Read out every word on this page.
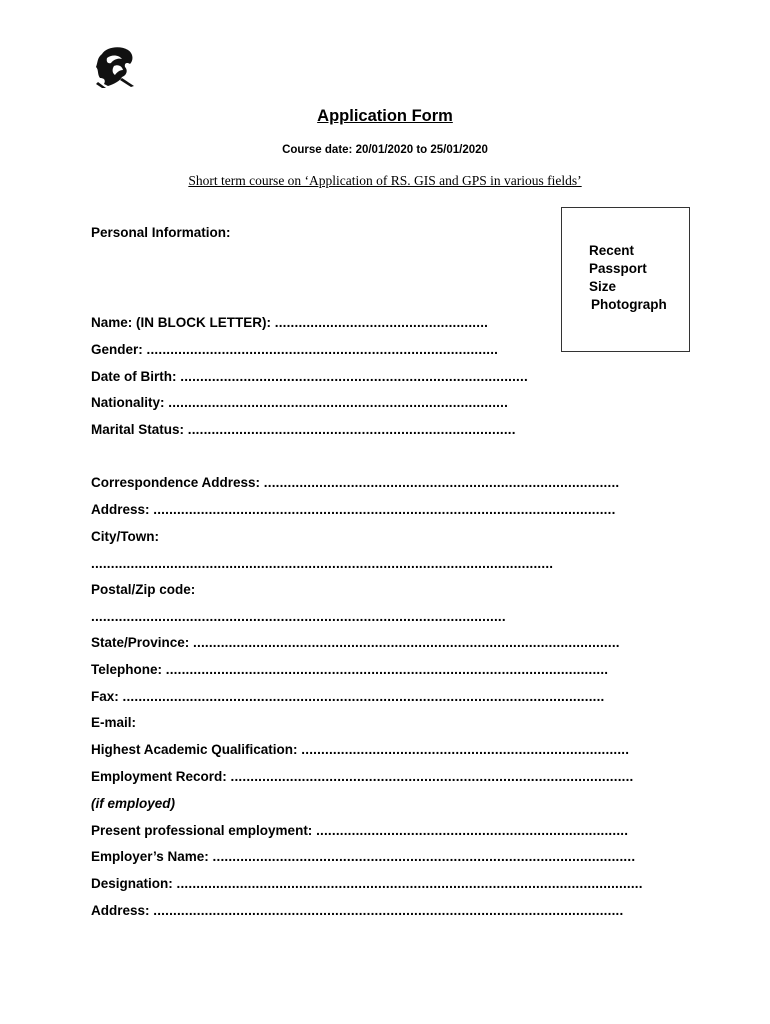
Application Form
Course date: 20/01/2020 to 25/01/2020
Short term course on ‘Application of RS. GIS and GPS in various fields’
Recent
Passport
Size
Photograph
Personal Information:
Name: (IN BLOCK LETTER): ......................................................
Gender: .........................................................................................
Date of Birth: ........................................................................................
Nationality: ......................................................................................
Marital Status: ...................................................................................
Correspondence Address: ..........................................................................................
Address: .....................................................................................................................
City/Town:
.....................................................................................................................
Postal/Zip code:
.........................................................................................................
State/Province: ............................................................................................................
Telephone: ................................................................................................................
Fax: ..........................................................................................................................
E-mail:
Highest Academic Qualification: ...................................................................................
Employment Record: ......................................................................................................
(if employed)
Present professional employment: ...............................................................................
Employer’s Name: ...........................................................................................................
Designation: ......................................................................................................................
Address: .......................................................................................................................
